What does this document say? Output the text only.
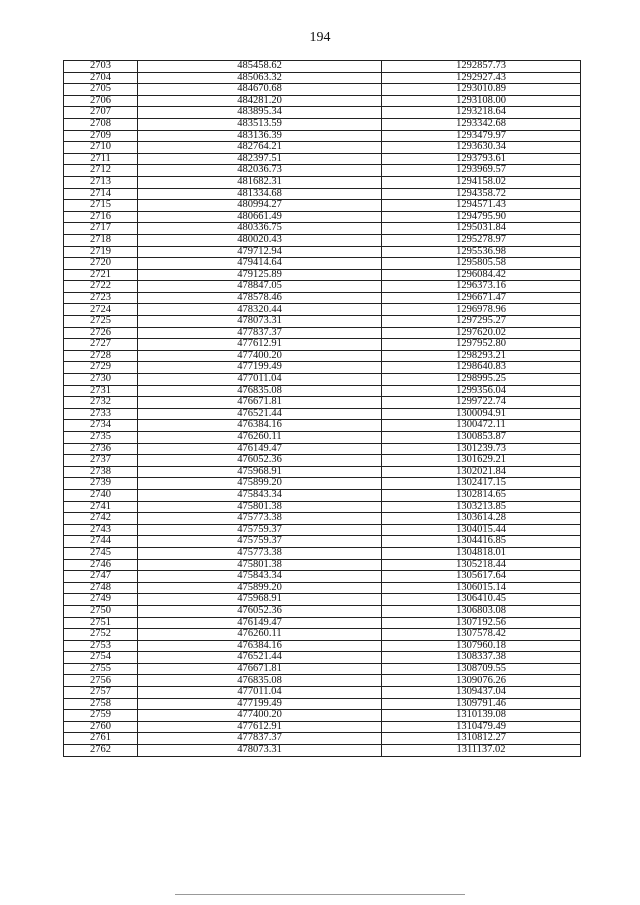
194
2703	485458.62	1292857.73
2704	485063.32	1292927.43
2705	484670.68	1293010.89
2706	484281.20	1293108.00
2707	483895.34	1293218.64
2708	483513.59	1293342.68
2709	483136.39	1293479.97
2710	482764.21	1293630.34
2711	482397.51	1293793.61
2712	482036.73	1293969.57
2713	481682.31	1294158.02
2714	481334.68	1294358.72
2715	480994.27	1294571.43
2716	480661.49	1294795.90
2717	480336.75	1295031.84
2718	480020.43	1295278.97
2719	479712.94	1295536.98
2720	479414.64	1295805.58
2721	479125.89	1296084.42
2722	478847.05	1296373.16
2723	478578.46	1296671.47
2724	478320.44	1296978.96
2725	478073.31	1297295.27
2726	477837.37	1297620.02
2727	477612.91	1297952.80
2728	477400.20	1298293.21
2729	477199.49	1298640.83
2730	477011.04	1298995.25
2731	476835.08	1299356.04
2732	476671.81	1299722.74
2733	476521.44	1300094.91
2734	476384.16	1300472.11
2735	476260.11	1300853.87
2736	476149.47	1301239.73
2737	476052.36	1301629.21
2738	475968.91	1302021.84
2739	475899.20	1302417.15
2740	475843.34	1302814.65
2741	475801.38	1303213.85
2742	475773.38	1303614.28
2743	475759.37	1304015.44
2744	475759.37	1304416.85
2745	475773.38	1304818.01
2746	475801.38	1305218.44
2747	475843.34	1305617.64
2748	475899.20	1306015.14
2749	475968.91	1306410.45
2750	476052.36	1306803.08
2751	476149.47	1307192.56
2752	476260.11	1307578.42
2753	476384.16	1307960.18
2754	476521.44	1308337.38
2755	476671.81	1308709.55
2756	476835.08	1309076.26
2757	477011.04	1309437.04
2758	477199.49	1309791.46
2759	477400.20	1310139.08
2760	477612.91	1310479.49
2761	477837.37	1310812.27
2762	478073.31	1311137.02
